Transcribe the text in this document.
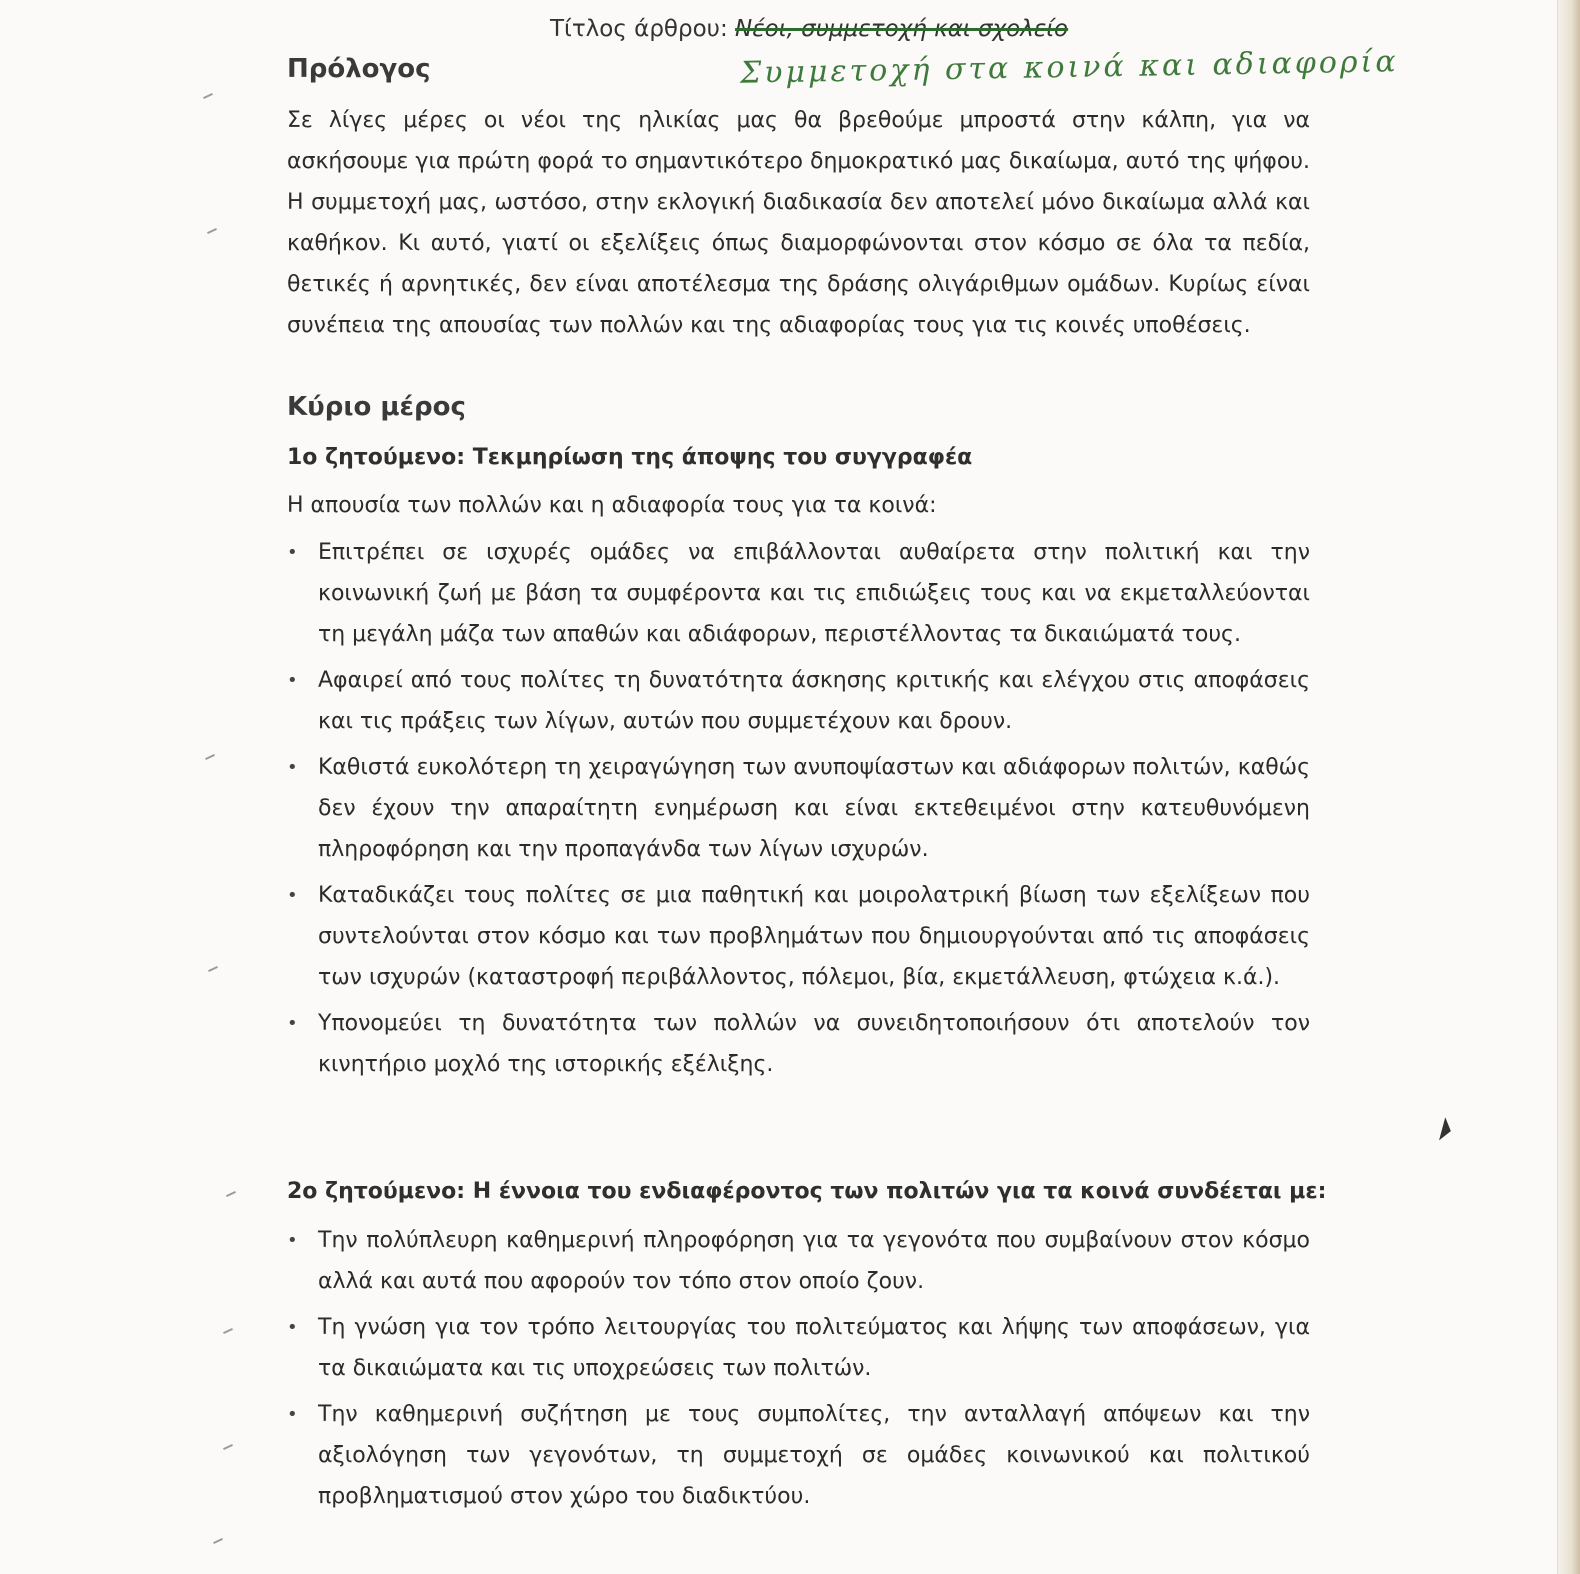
Τίτλος άρθρου: Νέοι, συμμετοχή και σχολείο
Συμμετοχή στα κοινά και αδιαφορία
Πρόλογος

Σε λίγες μέρες οι νέοι της ηλικίας μας θα βρεθούμε μπροστά στην κάλπη, για να ασκήσουμε για πρώτη φορά το σημαντικότερο δημοκρατικό μας δικαίωμα, αυτό της ψήφου. Η συμμετοχή μας, ωστόσο, στην εκλογική διαδικασία δεν αποτελεί μόνο δικαίωμα αλλά και καθήκον. Κι αυτό, γιατί οι εξελίξεις όπως διαμορφώνονται στον κόσμο σε όλα τα πεδία, θετικές ή αρνητικές, δεν είναι αποτέλεσμα της δράσης ολιγάριθμων ομάδων. Κυρίως είναι συνέπεια της απουσίας των πολλών και της αδιαφορίας τους για τις κοινές υποθέσεις.

Κύριο μέρος
1ο ζητούμενο: Τεκμηρίωση της άποψης του συγγραφέα
Η απουσία των πολλών και η αδιαφορία τους για τα κοινά:
• Επιτρέπει σε ισχυρές ομάδες να επιβάλλονται αυθαίρετα στην πολιτική και την κοινωνική ζωή με βάση τα συμφέροντα και τις επιδιώξεις τους και να εκμεταλλεύονται τη μεγάλη μάζα των απαθών και αδιάφορων, περιστέλλοντας τα δικαιώματά τους.
• Αφαιρεί από τους πολίτες τη δυνατότητα άσκησης κριτικής και ελέγχου στις αποφάσεις και τις πράξεις των λίγων, αυτών που συμμετέχουν και δρουν.
• Καθιστά ευκολότερη τη χειραγώγηση των ανυποψίαστων και αδιάφορων πολιτών, καθώς δεν έχουν την απαραίτητη ενημέρωση και είναι εκτεθειμένοι στην κατευθυνόμενη πληροφόρηση και την προπαγάνδα των λίγων ισχυρών.
• Καταδικάζει τους πολίτες σε μια παθητική και μοιρολατρική βίωση των εξελίξεων που συντελούνται στον κόσμο και των προβλημάτων που δημιουργούνται από τις αποφάσεις των ισχυρών (καταστροφή περιβάλλοντος, πόλεμοι, βία, εκμετάλλευση, φτώχεια κ.ά.).
• Υπονομεύει τη δυνατότητα των πολλών να συνειδητοποιήσουν ότι αποτελούν τον κινητήριο μοχλό της ιστορικής εξέλιξης.
2ο ζητούμενο: Η έννοια του ενδιαφέροντος των πολιτών για τα κοινά συνδέεται με:
• Την πολύπλευρη καθημερινή πληροφόρηση για τα γεγονότα που συμβαίνουν στον κόσμο αλλά και αυτά που αφορούν τον τόπο στον οποίο ζουν.
• Τη γνώση για τον τρόπο λειτουργίας του πολιτεύματος και λήψης των αποφάσεων, για τα δικαιώματα και τις υποχρεώσεις των πολιτών.
• Την καθημερινή συζήτηση με τους συμπολίτες, την ανταλλαγή απόψεων και την αξιολόγηση των γεγονότων, τη συμμετοχή σε ομάδες κοινωνικού και πολιτικού προβληματισμού στον χώρο του διαδικτύου.
